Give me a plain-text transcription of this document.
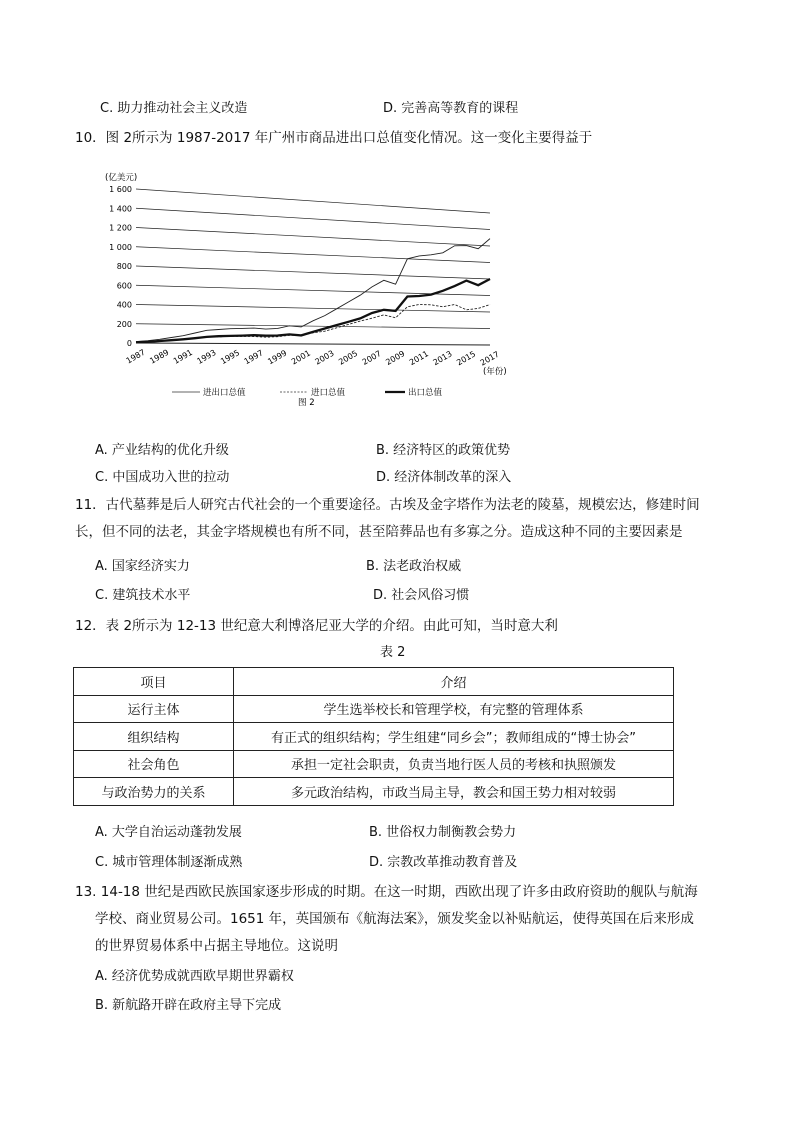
C. 助力推动社会主义改造	D. 完善高等教育的课程
10．图 2所示为 1987-2017 年广州市商品进出口总值变化情况。这一变化主要得益于
(亿美元)
(年份)
0
200
400
600
800
1 000
1 200
1 400
1 600
1987 1989 1991 1993 1995 1997 1999 2001 2003 2005 2007 2009 2011 2013 2015 2017
进出口总值	进口总值	出口总值
图 2
A. 产业结构的优化升级	B. 经济特区的政策优势
C. 中国成功入世的拉动	D. 经济体制改革的深入
11．古代墓葬是后人研究古代社会的一个重要途径。古埃及金字塔作为法老的陵墓，规模宏达，修建时间
长，但不同的法老，其金字塔规模也有所不同，甚至陪葬品也有多寡之分。造成这种不同的主要因素是
A. 国家经济实力	B. 法老政治权威
C. 建筑技术水平	D. 社会风俗习惯
12．表 2所示为 12-13 世纪意大利博洛尼亚大学的介绍。由此可知，当时意大利
表 2
项目	介绍
运行主体	学生选举校长和管理学校，有完整的管理体系
组织结构	有正式的组织结构；学生组建“同乡会”；教师组成的“博士协会”
社会角色	承担一定社会职责，负责当地行医人员的考核和执照颁发
与政治势力的关系	多元政治结构，市政当局主导，教会和国王势力相对较弱
A. 大学自治运动蓬勃发展	B. 世俗权力制衡教会势力
C. 城市管理体制逐渐成熟	D. 宗教改革推动教育普及
13. 14-18 世纪是西欧民族国家逐步形成的时期。在这一时期，西欧出现了许多由政府资助的舰队与航海
学校、商业贸易公司。1651 年，英国颁布《航海法案》，颁发奖金以补贴航运，使得英国在后来形成
的世界贸易体系中占据主导地位。这说明
A. 经济优势成就西欧早期世界霸权
B. 新航路开辟在政府主导下完成
